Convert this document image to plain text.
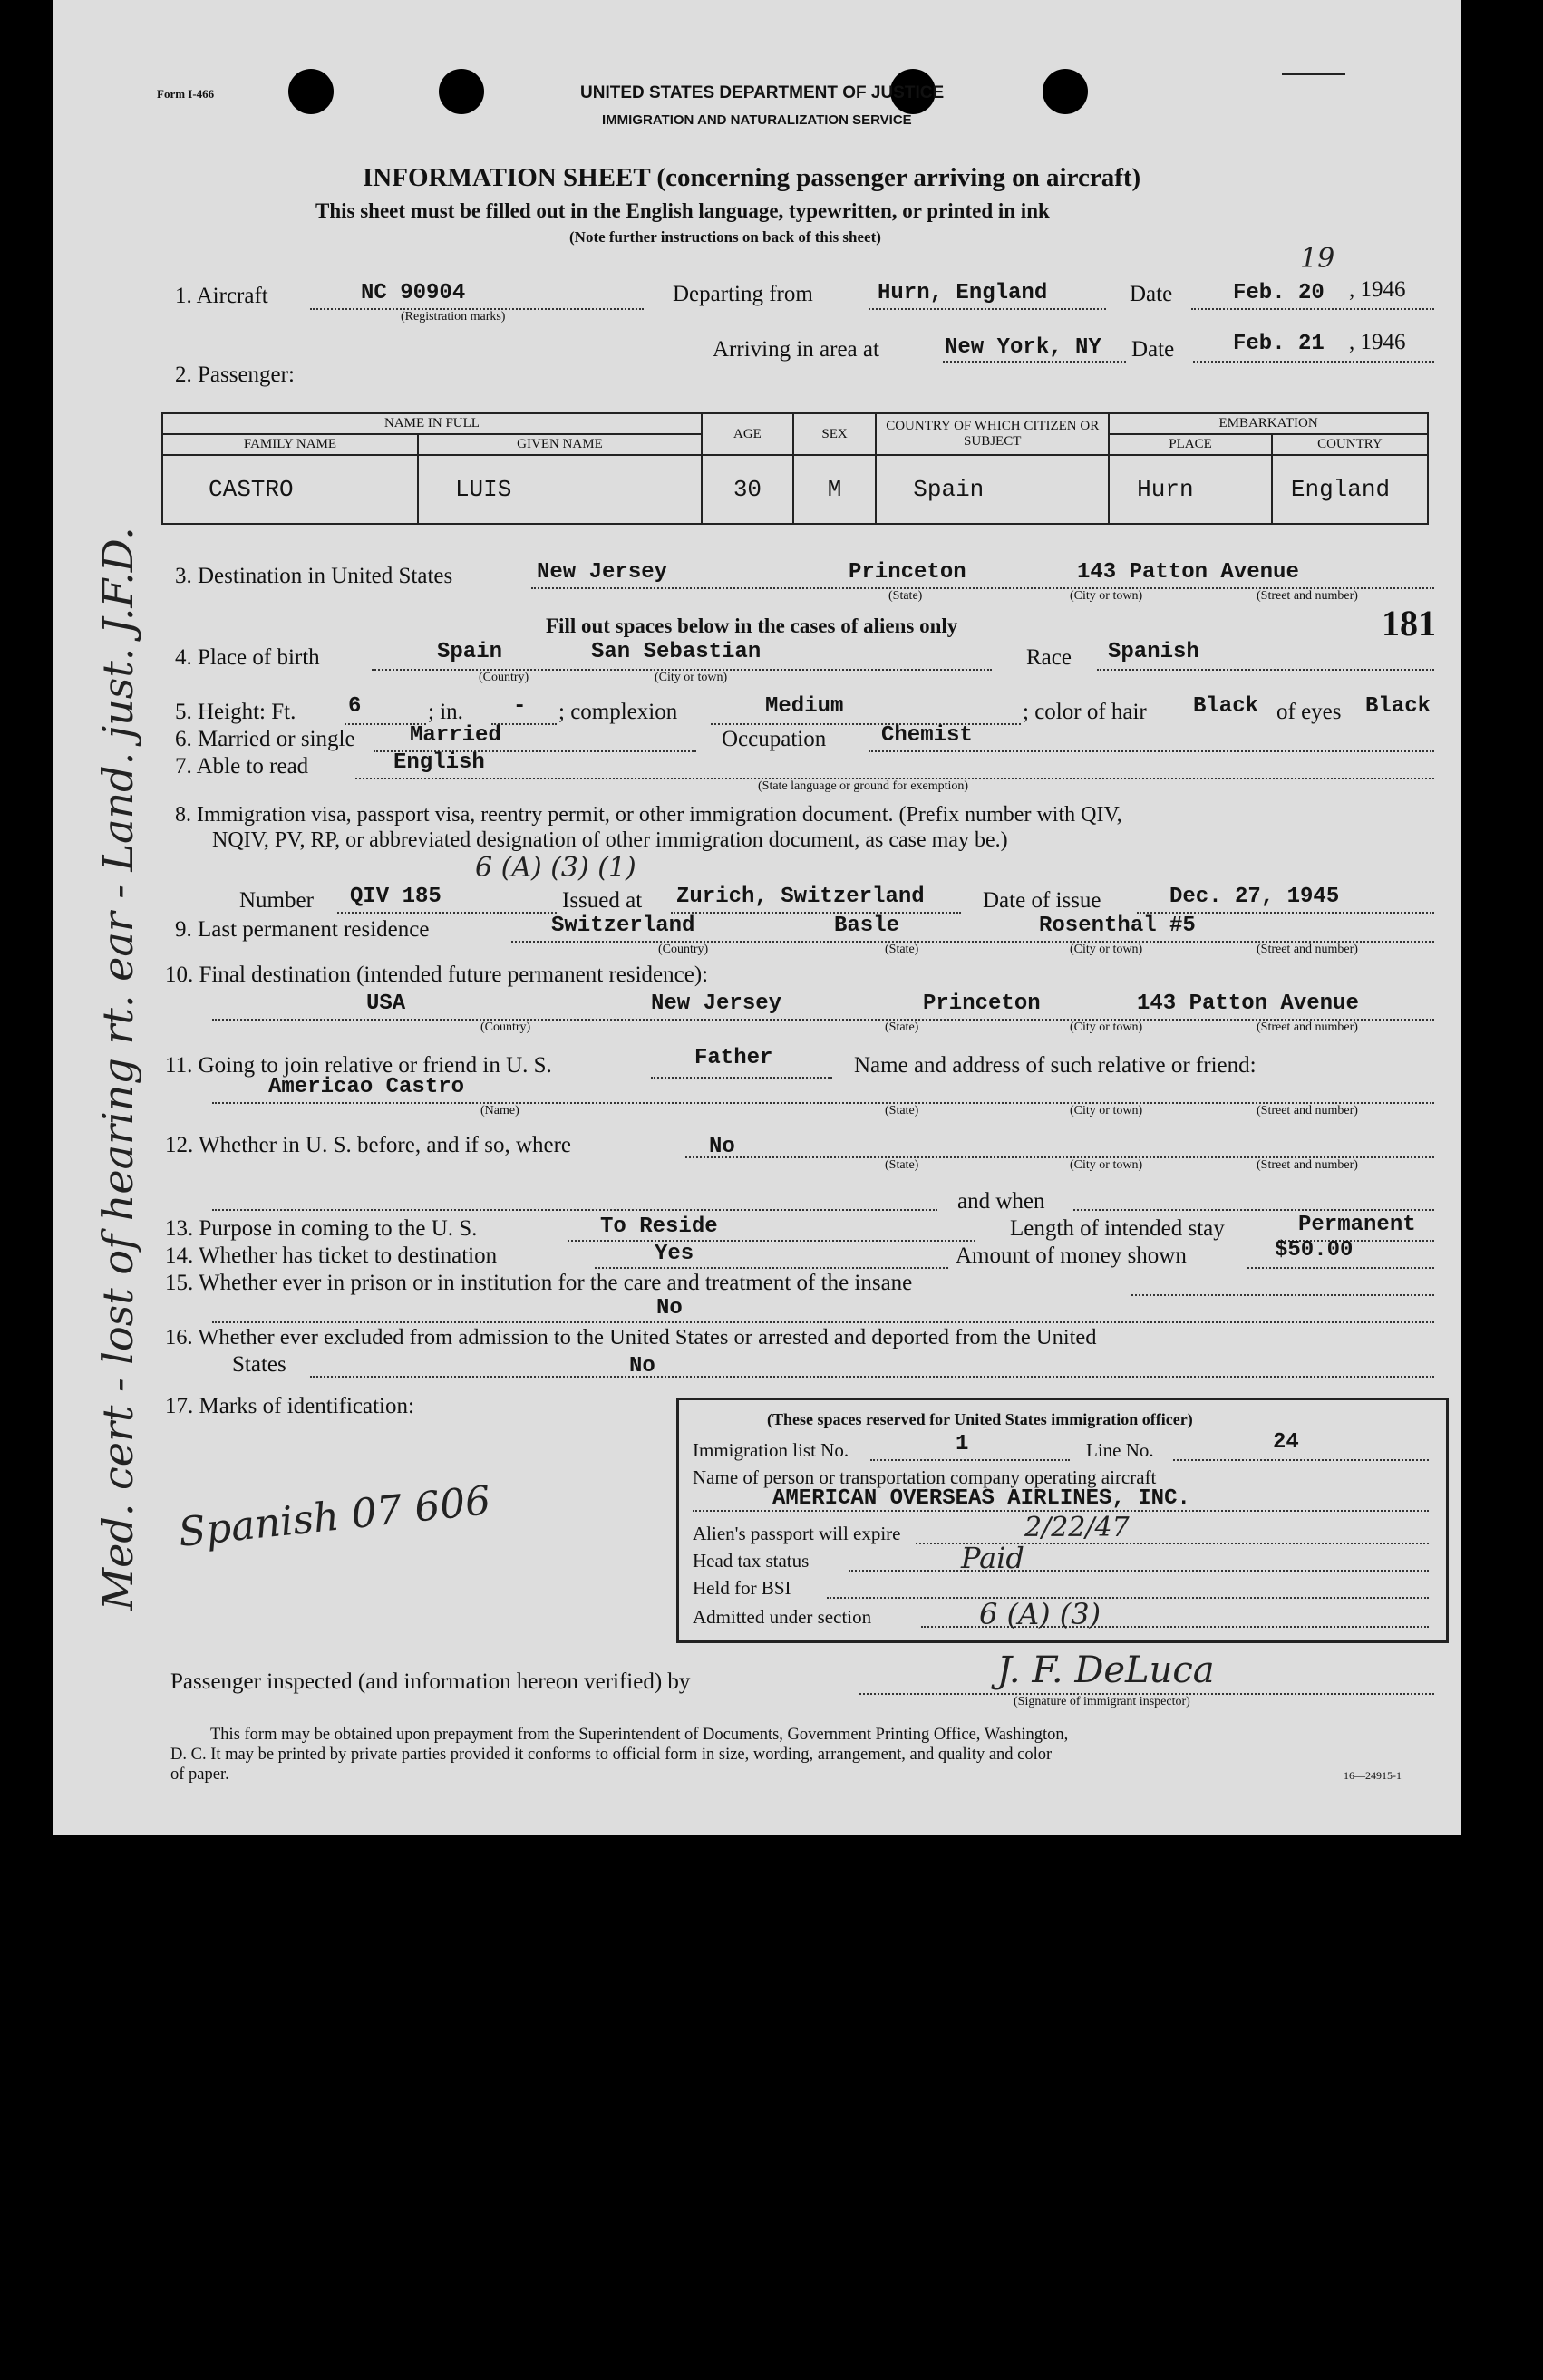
Form I-466	UNITED STATES DEPARTMENT OF JUSTICE
IMMIGRATION AND NATURALIZATION SERVICE
INFORMATION SHEET (concerning passenger arriving on aircraft)
This sheet must be filled out in the English language, typewritten, or printed in ink
(Note further instructions on back of this sheet)
1. Aircraft	NC 90904
(Registration marks)
Departing from	Hurn, England	Date	Feb. 20 , 1946
19
Arriving in area at	New York, NY Date	Feb. 21 , 1946
2. Passenger:
NAME IN FULL		AGE	SEX	COUNTRY OF WHICH CITIZEN OR SUBJECT	EMBARKATION	
FAMILY NAME	GIVEN NAME				PLACE	COUNTRY
CASTRO	LUIS	30	M	Spain	Hurn	England
3. Destination in United States	New Jersey	Princeton	143 Patton Avenue
(State)	(City or town)	(Street and number)
Fill out spaces below in the cases of aliens only	181
4. Place of birth	Spain	San Sebastian
(Country)	(City or town)
Race Spanish
5. Height: Ft. 6	; in. - ; complexion	Medium	; color of hair Black of eyes Black
6. Married or single	Married	Occupation	Chemist
7. Able to read	English
(State language or ground for exemption)
8. Immigration visa, passport visa, reentry permit, or other immigration document. (Prefix number with QIV,
NQIV, PV, RP, or abbreviated designation of other immigration document, as case may be.)
6 (A) (3) (1)
Number QIV 185	Issued at Zurich, Switzerland	Date of issue	Dec. 27, 1945
9. Last permanent residence	Switzerland	Basle	Rosenthal #5
(Country)	(State)	(City or town)	(Street and number)
10. Final destination (intended future permanent residence):
USA	New Jersey	Princeton	143 Patton Avenue
(Country)	(State)	(City or town)	(Street and number)
11. Going to join relative or friend in U. S.	Father	Name and address of such relative or friend:
Americao Castro
(Name)	(State)	(City or town)	(Street and number)
12. Whether in U. S. before, and if so, where	No
(State)	(City or town)	(Street and number)
and when
13. Purpose in coming to the U. S.	To Reside	Length of intended stay	Permanent
14. Whether has ticket to destination	Yes	Amount of money shown	$50.00
15. Whether ever in prison or in institution for the care and treatment of the insane
No
16. Whether ever excluded from admission to the United States or arrested and deported from the United
States	No
17. Marks of identification:
Spanish 07 606
(These spaces reserved for United States immigration officer)
Immigration list No.	1	Line No.	24
Name of person or transportation company operating aircraft
AMERICAN OVERSEAS AIRLINES, INC.
Alien's passport will expire	2/22/47
Head tax status	Paid
Held for BSI
Admitted under section	6 (A) (3)
Passenger inspected (and information hereon verified) by	J. F. DeLuca
(Signature of immigrant inspector)
This form may be obtained upon prepayment from the Superintendent of Documents, Government Printing Office, Washington,
D. C. It may be printed by private parties provided it conforms to official form in size, wording, arrangement, and quality and color
of paper.	16—24915-1
Med. cert - lost of hearing rt. ear - Land. just. J.F.D.
